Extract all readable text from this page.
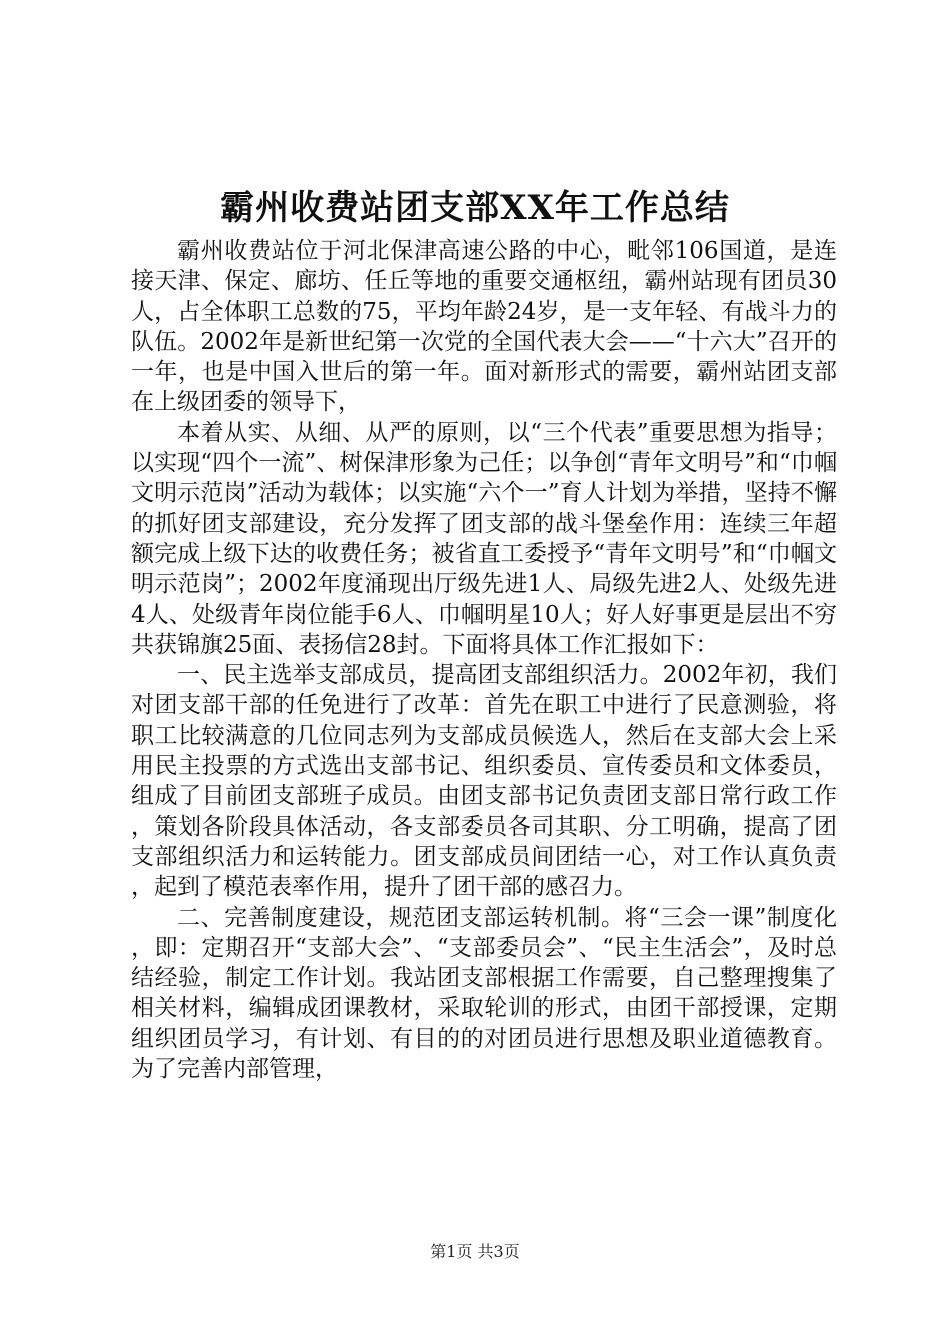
霸州收费站团支部XX年工作总结

霸州收费站位于河北保津高速公路的中心，毗邻106国道，是连接天津、保定、廊坊、任丘等地的重要交通枢纽，霸州站现有团员30人，占全体职工总数的75，平均年龄24岁，是一支年轻、有战斗力的队伍。2002年是新世纪第一次党的全国代表大会——“十六大”召开的一年，也是中国入世后的第一年。面对新形式的需要，霸州站团支部在上级团委的领导下，

本着从实、从细、从严的原则，以“三个代表”重要思想为指导；以实现“四个一流”、树保津形象为己任；以争创“青年文明号”和“巾帼文明示范岗”活动为载体；以实施“六个一”育人计划为举措，坚持不懈的抓好团支部建设，充分发挥了团支部的战斗堡垒作用：连续三年超额完成上级下达的收费任务；被省直工委授予“青年文明号”和“巾帼文明示范岗”；2002年度涌现出厅级先进1人、局级先进2人、处级先进4人、处级青年岗位能手6人、巾帼明星10人；好人好事更是层出不穷共获锦旗25面、表扬信28封。下面将具体工作汇报如下：

一、民主选举支部成员，提高团支部组织活力。2002年初，我们对团支部干部的任免进行了改革：首先在职工中进行了民意测验，将职工比较满意的几位同志列为支部成员候选人，然后在支部大会上采用民主投票的方式选出支部书记、组织委员、宣传委员和文体委员，组成了目前团支部班子成员。由团支部书记负责团支部日常行政工作，策划各阶段具体活动，各支部委员各司其职、分工明确，提高了团支部组织活力和运转能力。团支部成员间团结一心，对工作认真负责，起到了模范表率作用，提升了团干部的感召力。

二、完善制度建设，规范团支部运转机制。将“三会一课”制度化，即：定期召开“支部大会”、“支部委员会”、“民主生活会”，及时总结经验，制定工作计划。我站团支部根据工作需要，自己整理搜集了相关材料，编辑成团课教材，采取轮训的形式，由团干部授课，定期组织团员学习，有计划、有目的的对团员进行思想及职业道德教育。为了完善内部管理，

第1页 共3页
